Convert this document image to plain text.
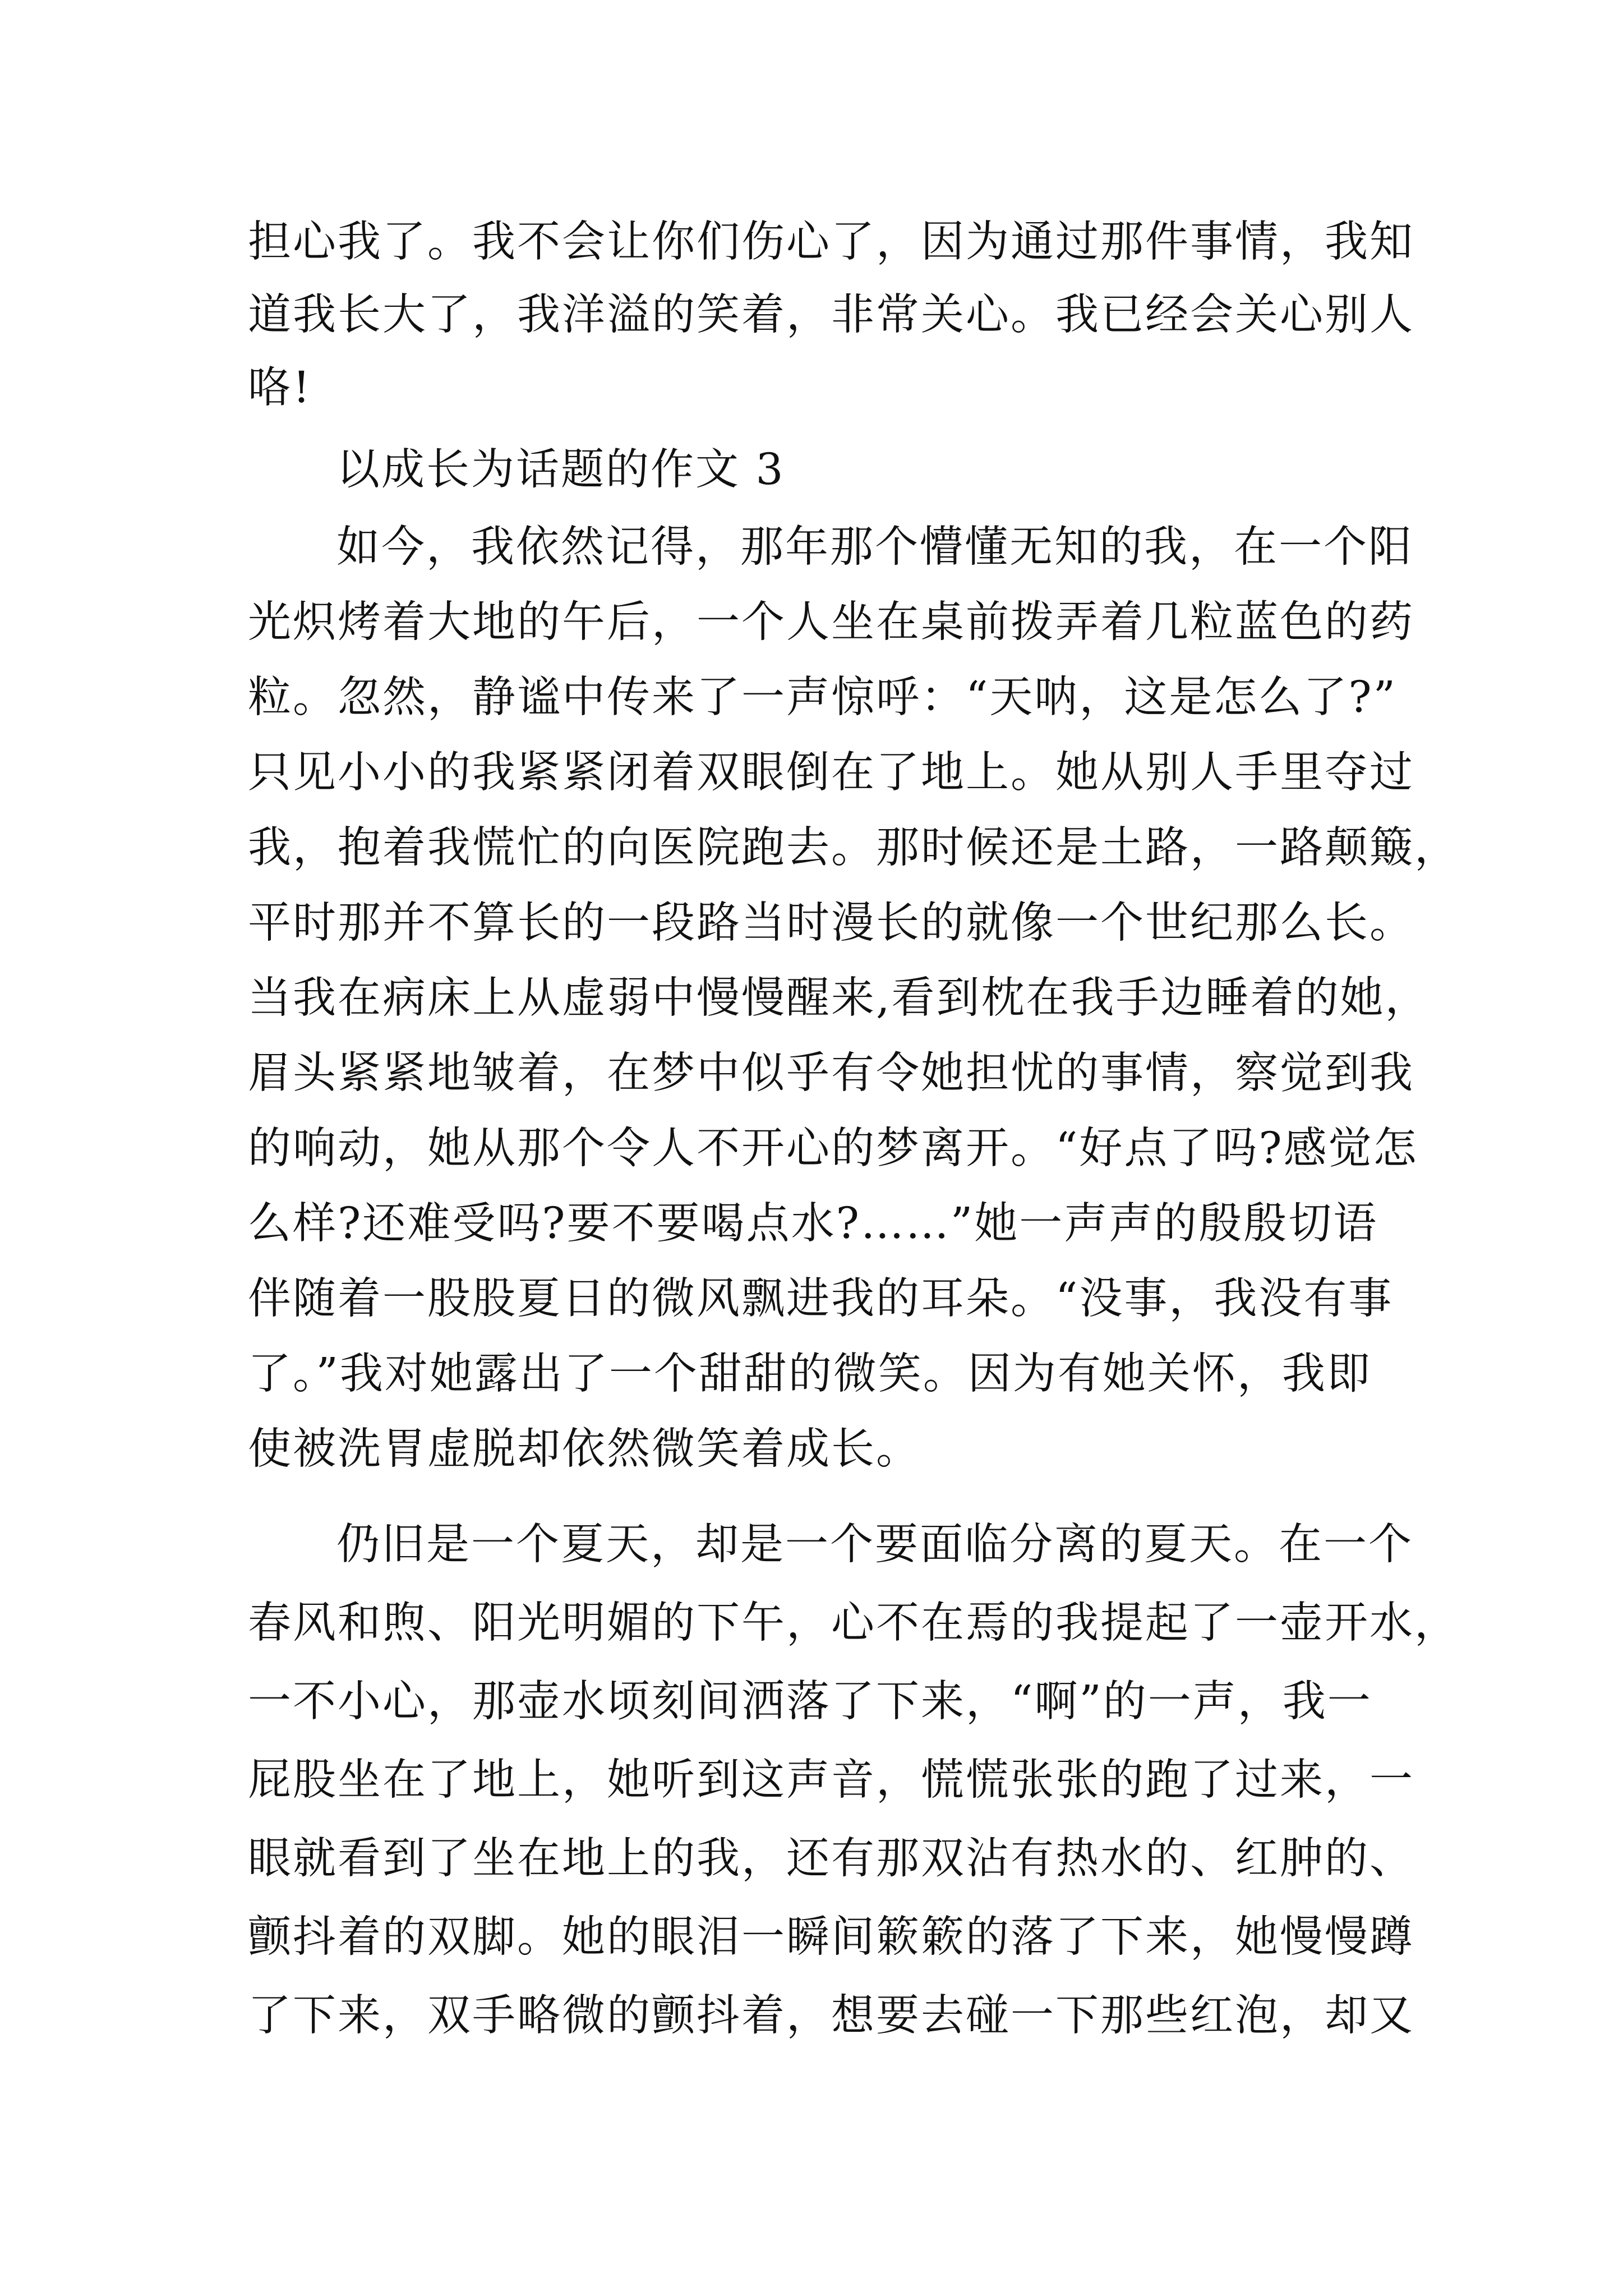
担心我了。我不会让你们伤心了，因为通过那件事情，我知
道我长大了，我洋溢的笑着，非常关心。我已经会关心别人
咯!
以成长为话题的作文 3
如今，我依然记得，那年那个懵懂无知的我，在一个阳
光炽烤着大地的午后，一个人坐在桌前拨弄着几粒蓝色的药
粒。忽然，静谧中传来了一声惊呼：“天呐，这是怎么了?”
只见小小的我紧紧闭着双眼倒在了地上。她从别人手里夺过
我，抱着我慌忙的向医院跑去。那时候还是土路，一路颠簸，
平时那并不算长的一段路当时漫长的就像一个世纪那么长。
当我在病床上从虚弱中慢慢醒来,看到枕在我手边睡着的她，
眉头紧紧地皱着，在梦中似乎有令她担忧的事情，察觉到我
的响动，她从那个令人不开心的梦离开。“好点了吗?感觉怎
么样?还难受吗?要不要喝点水?……”她一声声的殷殷切语
伴随着一股股夏日的微风飘进我的耳朵。“没事，我没有事
了。”我对她露出了一个甜甜的微笑。因为有她关怀，我即
使被洗胃虚脱却依然微笑着成长。
仍旧是一个夏天，却是一个要面临分离的夏天。在一个
春风和煦、阳光明媚的下午，心不在焉的我提起了一壶开水，
一不小心，那壶水顷刻间洒落了下来，“啊”的一声，我一
屁股坐在了地上，她听到这声音，慌慌张张的跑了过来，一
眼就看到了坐在地上的我，还有那双沾有热水的、红肿的、
颤抖着的双脚。她的眼泪一瞬间簌簌的落了下来，她慢慢蹲
了下来，双手略微的颤抖着，想要去碰一下那些红泡，却又
